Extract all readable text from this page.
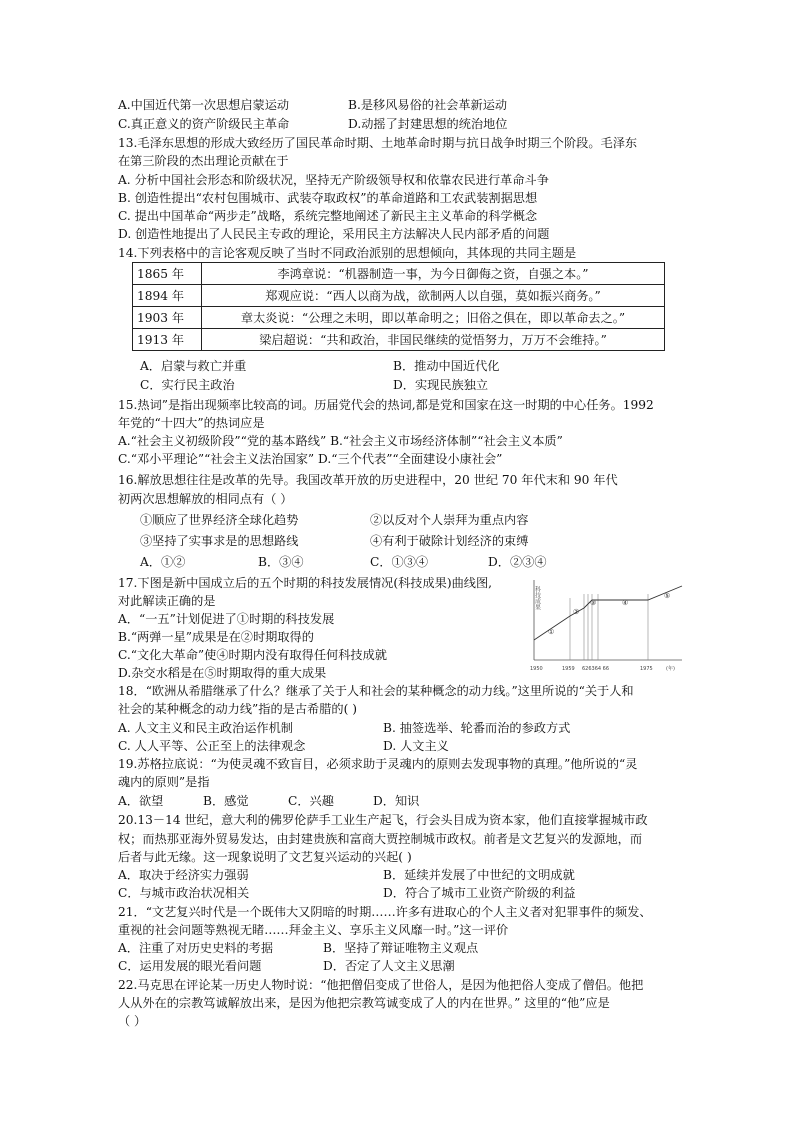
A.中国近代第一次思想启蒙运动	B.是移风易俗的社会革新运动
C.真正意义的资产阶级民主革命	D.动摇了封建思想的统治地位
13.毛泽东思想的形成大致经历了国民革命时期、土地革命时期与抗日战争时期三个阶段。毛泽东
在第三阶段的杰出理论贡献在于
A. 分析中国社会形态和阶级状况，坚持无产阶级领导权和依靠农民进行革命斗争
B. 创造性提出“农村包围城市、武装夺取政权”的革命道路和工农武装割据思想
C. 提出中国革命“两步走”战略，系统完整地阐述了新民主主义革命的科学概念
D. 创造性地提出了人民民主专政的理论，采用民主方法解决人民内部矛盾的问题
14.下列表格中的言论客观反映了当时不同政治派别的思想倾向，其体现的共同主题是
1865 年	李鸿章说：“机器制造一事，为今日御侮之资，自强之本。”
1894 年	郑观应说：“西人以商为战，欲制两人以自强，莫如振兴商务。”
1903 年	章太炎说：“公理之未明，即以革命明之；旧俗之俱在，即以革命去之。”
1913 年	梁启超说：“共和政治，非国民继续的觉悟努力，万万不会维持。”
A．启蒙与救亡并重	B．推动中国近代化
C．实行民主政治	D．实现民族独立
15.热词”是指出现频率比较高的词。历届党代会的热词,都是党和国家在这一时期的中心任务。1992
年党的“十四大”的热词应是
A.“社会主义初级阶段”“党的基本路线” B.“社会主义市场经济体制”“社会主义本质”
C.“邓小平理论”“社会主义法治国家” D.“三个代表”“全面建设小康社会”
16.解放思想往往是改革的先导。我国改革开放的历史进程中，20 世纪 70 年代末和 90 年代
初两次思想解放的相同点有（ ）
①顺应了世界经济全球化趋势	②以反对个人崇拜为重点内容
③坚持了实事求是的思想路线	④有利于破除计划经济的束缚
A．①②	B．③④	C．①③④	D．②③④
17.下图是新中国成立后的五个时期的科技发展情况(科技成果)曲线图,
对此解读正确的是
A．“一五”计划促进了①时期的科技发展
B.“两弹一星”成果是在②时期取得的
C.“文化大革命”使④时期内没有取得任何科技成就
D.杂交水稻是在⑤时期取得的重大成果
科技成果
①
②
③	④
⑤
1950	1959 626364 66	1975	(年)
18．“欧洲从希腊继承了什么？继承了关于人和社会的某种概念的动力线。”这里所说的“关于人和
社会的某种概念的动力线”指的是古希腊的( )
A. 人文主义和民主政治运作机制	B. 抽签选举、轮番而治的参政方式
C. 人人平等、公正至上的法律观念	D. 人文主义
19.苏格拉底说：“为使灵魂不致盲目，必须求助于灵魂内的原则去发现事物的真理。”他所说的“灵
魂内的原则”是指
A．欲望	B．感觉	C．兴趣	D．知识
20.13－14 世纪，意大利的佛罗伦萨手工业生产起飞，行会头目成为资本家，他们直接掌握城市政
权；而热那亚海外贸易发达，由封建贵族和富商大贾控制城市政权。前者是文艺复兴的发源地，而
后者与此无缘。这一现象说明了文艺复兴运动的兴起( )
A．取决于经济实力强弱	B．延续并发展了中世纪的文明成就
C．与城市政治状况相关	D．符合了城市工业资产阶级的利益
21．“文艺复兴时代是一个既伟大又阴暗的时期……许多有进取心的个人主义者对犯罪事件的频发、
重视的社会问题等熟视无睹……拜金主义、享乐主义风靡一时。”这一评价
A．注重了对历史史料的考据	B．坚持了辩证唯物主义观点
C．运用发展的眼光看问题	D．否定了人文主义思潮
22.马克思在评论某一历史人物时说：“他把僧侣变成了世俗人，是因为他把俗人变成了僧侣。他把
人从外在的宗教笃诚解放出来，是因为他把宗教笃诚变成了人的内在世界。” 这里的“他”应是
（ ）
